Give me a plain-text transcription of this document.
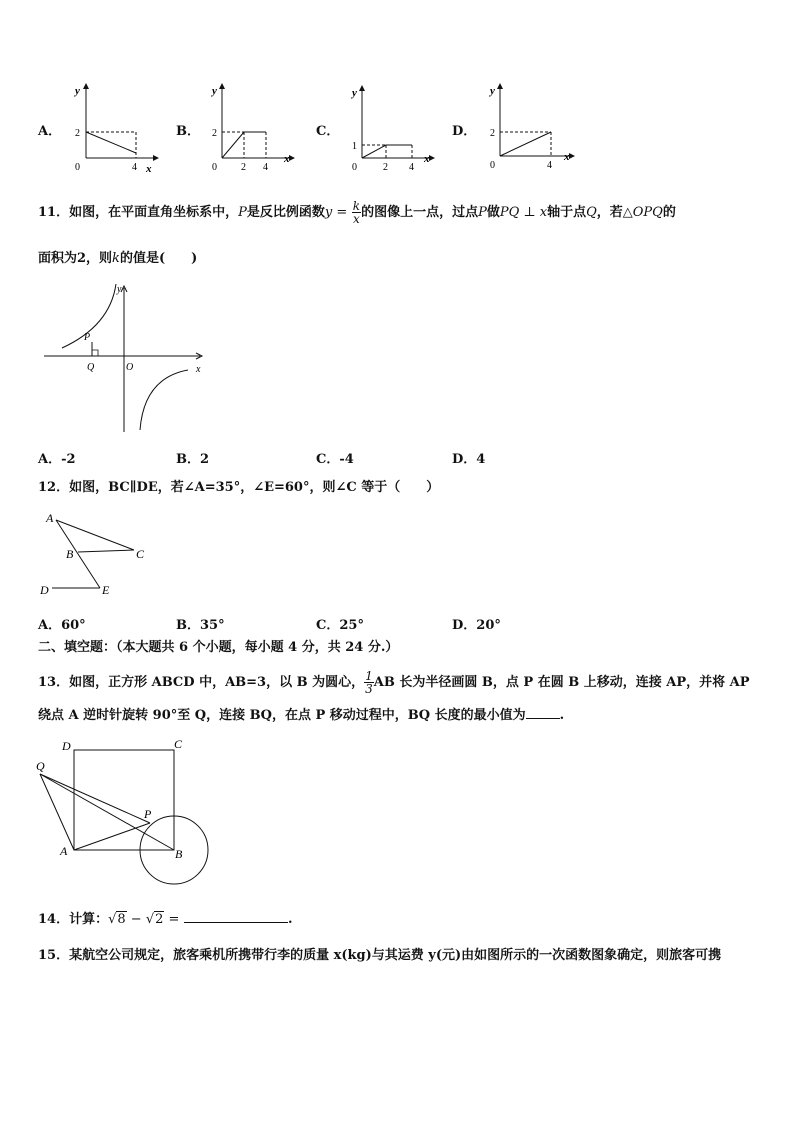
A．
y
x
0
2
4
B．
y
x
0
2
2 4
C．
y
x
0
1
2 4
D．
y
x
0
2
4
11．如图，在平面直角坐标系中，P是反比例函数$y = \frac{k}{x}$ 的图像上一点，过点P做PQ ⊥ x轴于点Q，若△OPQ的
面积为2，则k的值是(　　)
y
x
P
Q	O
A．-2	B．2	C．-4	D．4
12．如图，BC∥DE，若∠A=35°，∠E=60°，则∠C 等于（　　）
A
B	C
D	E
A．60°	B．35°	C．25°	D．20°
二、填空题：（本大题共 6 个小题，每小题 4 分，共 24 分.）
13．如图，正方形 ABCD 中，AB=3，以 B 为圆心， $\frac{1}{3}$ AB 长为半径画圆 B，点 P 在圆 B 上移动，连接 AP，并将 AP
绕点 A 逆时针旋转 90°至 Q，连接 BQ，在点 P 移动过程中，BQ 长度的最小值为	.
D	C
Q
P
A	B
14．计算：√8 − √2 =	.
15．某航空公司规定，旅客乘机所携带行李的质量 x(kg)与其运费 y(元)由如图所示的一次函数图象确定，则旅客可携
